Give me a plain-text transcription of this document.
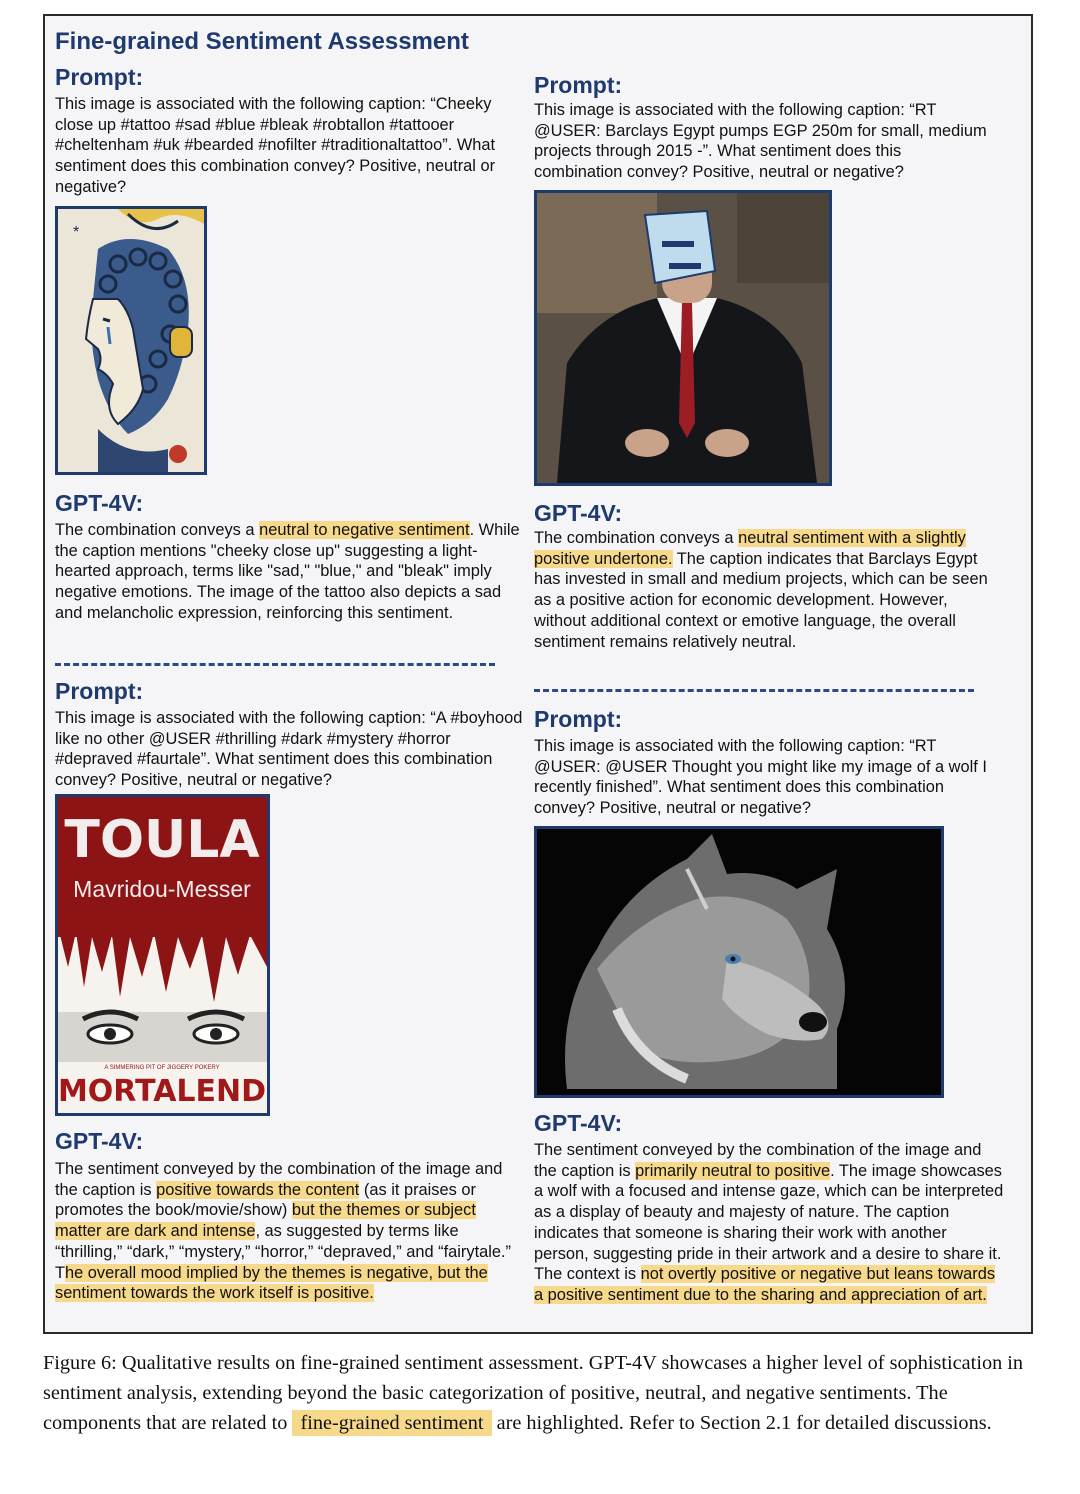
Fine-grained Sentiment Assessment
Prompt:
This image is associated with the following caption: “Cheeky close up #tattoo #sad #blue #bleak #robtallon #tattooer #cheltenham #uk #bearded #nofilter #traditionaltattoo”. What sentiment does this combination convey? Positive, neutral or negative?
*
GPT-4V:
The combination conveys a neutral to negative sentiment. While the caption mentions "cheeky close up" suggesting a light-hearted approach, terms like "sad," "blue," and "bleak" imply negative emotions. The image of the tattoo also depicts a sad and melancholic expression, reinforcing this sentiment.
Prompt:
This image is associated with the following caption: “A #boyhood like no other @USER #thrilling #dark #mystery #horror #depraved #faurtale”. What sentiment does this combination convey? Positive, neutral or negative?
TOULA
Mavridou-Messer
A SIMMERING PIT OF JIGGERY POKERY
MORTALEND
GPT-4V:
The sentiment conveyed by the combination of the image and the caption is positive towards the content (as it praises or promotes the book/movie/show) but the themes or subject matter are dark and intense, as suggested by terms like “thrilling,” “dark,” “mystery,” “horror,” “depraved,” and “fairytale.” The overall mood implied by the themes is negative, but the sentiment towards the work itself is positive.
Prompt:
This image is associated with the following caption: “RT @USER: Barclays Egypt pumps EGP 250m for small, medium projects through 2015 -”. What sentiment does this combination convey? Positive, neutral or negative?
GPT-4V:
The combination conveys a neutral sentiment with a slightly positive undertone. The caption indicates that Barclays Egypt has invested in small and medium projects, which can be seen as a positive action for economic development. However, without additional context or emotive language, the overall sentiment remains relatively neutral.
Prompt:
This image is associated with the following caption: “RT @USER: @USER Thought you might like my image of a wolf I recently finished”. What sentiment does this combination convey? Positive, neutral or negative?
GPT-4V:
The sentiment conveyed by the combination of the image and the caption is primarily neutral to positive. The image showcases a wolf with a focused and intense gaze, which can be interpreted as a display of beauty and majesty of nature. The caption indicates that someone is sharing their work with another person, suggesting pride in their artwork and a desire to share it. The context is not overtly positive or negative but leans towards a positive sentiment due to the sharing and appreciation of art.
Figure 6: Qualitative results on fine-grained sentiment assessment. GPT-4V showcases a higher level of sophistication in sentiment analysis, extending beyond the basic categorization of positive, neutral, and negative sentiments. The components that are related to fine-grained sentiment are highlighted. Refer to Section 2.1 for detailed discussions.
